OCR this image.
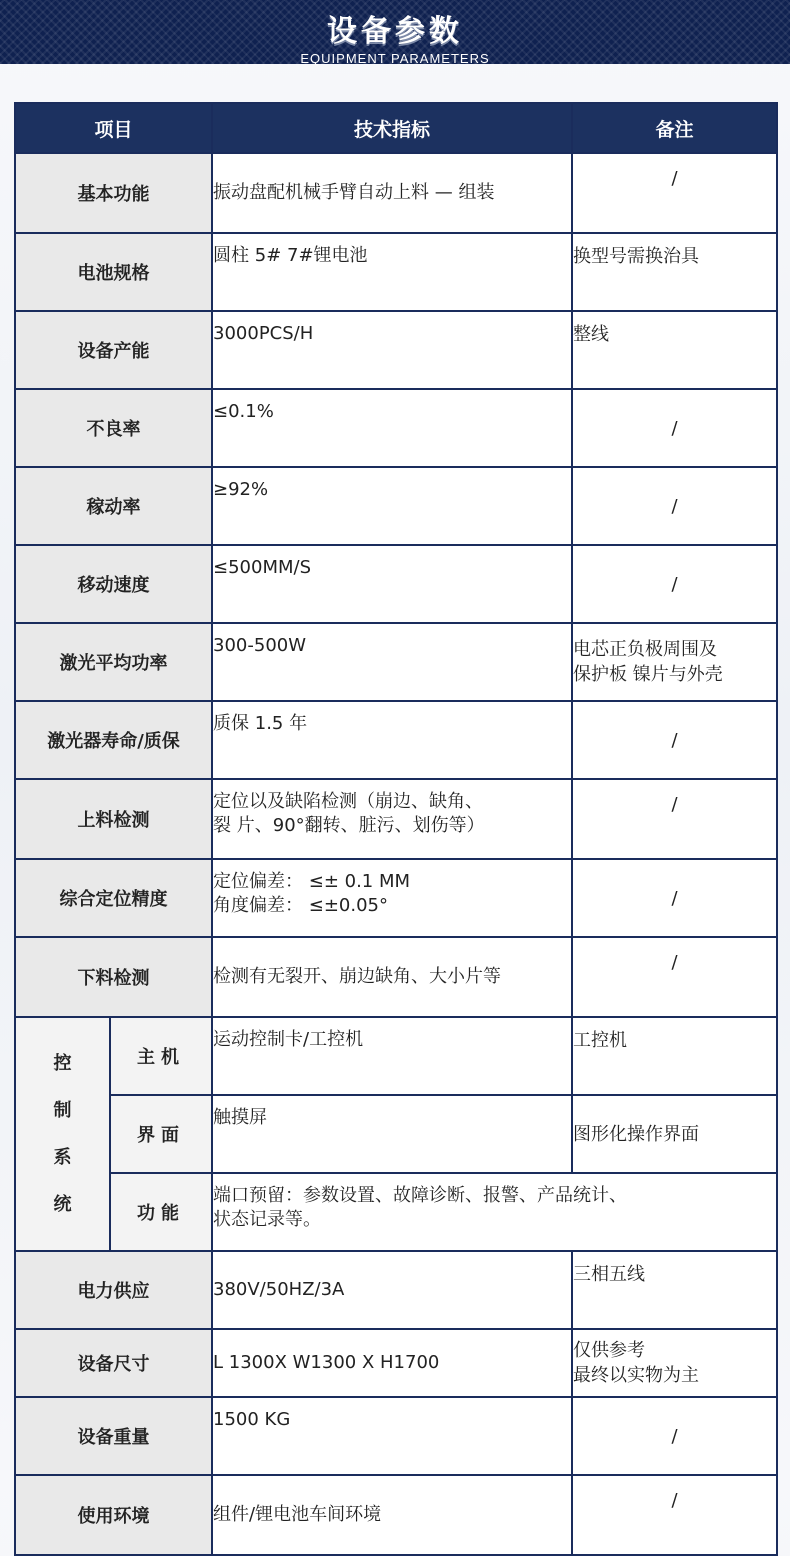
设备参数
EQUIPMENT PARAMETERS
项目		技术指标	备注
基本功能		振动盘配机械手臂自动上料 — 组装	/

电池规格		圆柱 5# 7#锂电池	换型号需换治具

设备产能		3000PCS/H	整线

不良率		≤0.1%	/

稼动率		≥92%	/

移动速度		≤500MM/S	/

激光平均功率		300-500W	电芯正负极周围及
保护板 镍片与外壳

激光器寿命/质保		质保 1.5 年	/

上料检测		定位以及缺陷检测（崩边、缺角、
裂 片、90°翻转、脏污、划伤等）	/

综合定位精度		定位偏差： ≤± 0.1 MM
角度偏差： ≤±0.05°	/

下料检测		检测有无裂开、崩边缺角、大小片等	/

控
制
系
统	主机	运动控制卡/工控机	工控机
	界面	触摸屏	图形化操作界面
	功能	端口预留：参数设置、故障诊断、报警、产品统计、
状态记录等。	

电力供应		380V/50HZ/3A	三相五线

设备尺寸		L 1300X W1300 X H1700	仅供参考
最终以实物为主

设备重量		1500 KG	/

使用环境		组件/锂电池车间环境	/
